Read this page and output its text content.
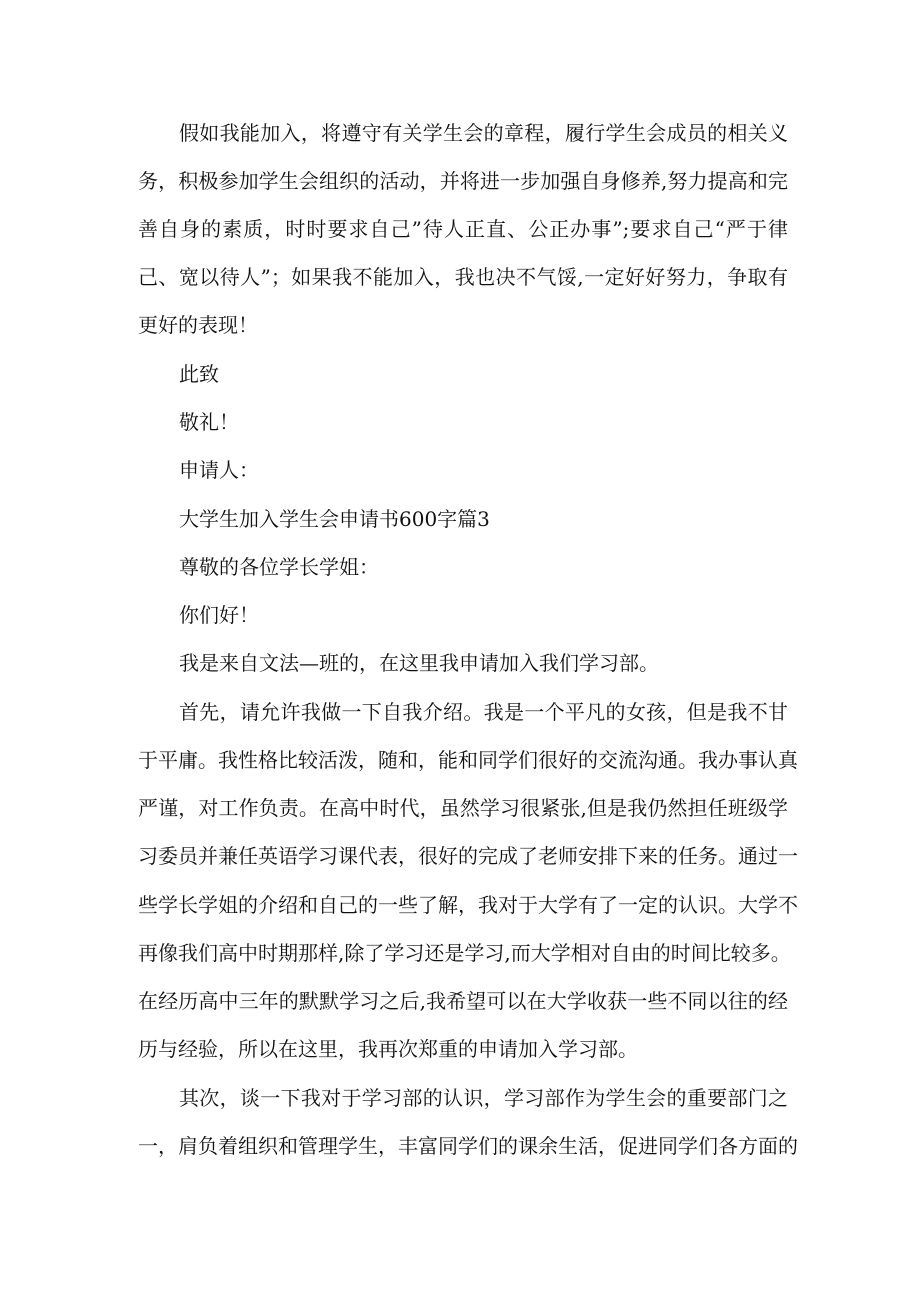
假如我能加入，将遵守有关学生会的章程，履行学生会成员的相关义
务，积极参加学生会组织的活动，并将进一步加强自身修养,努力提高和完
善自身的素质，时时要求自己”待人正直、公正办事”;要求自己“严于律
己、宽以待人”；如果我不能加入，我也决不气馁,一定好好努力，争取有
更好的表现！
此致
敬礼！
申请人：
大学生加入学生会申请书600字篇3
尊敬的各位学长学姐：
你们好！
我是来自文法—班的，在这里我申请加入我们学习部。
首先，请允许我做一下自我介绍。我是一个平凡的女孩，但是我不甘
于平庸。我性格比较活泼，随和，能和同学们很好的交流沟通。我办事认真
严谨，对工作负责。在高中时代，虽然学习很紧张,但是我仍然担任班级学
习委员并兼任英语学习课代表，很好的完成了老师安排下来的任务。通过一
些学长学姐的介绍和自己的一些了解，我对于大学有了一定的认识。大学不
再像我们高中时期那样,除了学习还是学习,而大学相对自由的时间比较多。
在经历高中三年的默默学习之后,我希望可以在大学收获一些不同以往的经
历与经验，所以在这里，我再次郑重的申请加入学习部。
其次，谈一下我对于学习部的认识，学习部作为学生会的重要部门之
一，肩负着组织和管理学生，丰富同学们的课余生活，促进同学们各方面的
